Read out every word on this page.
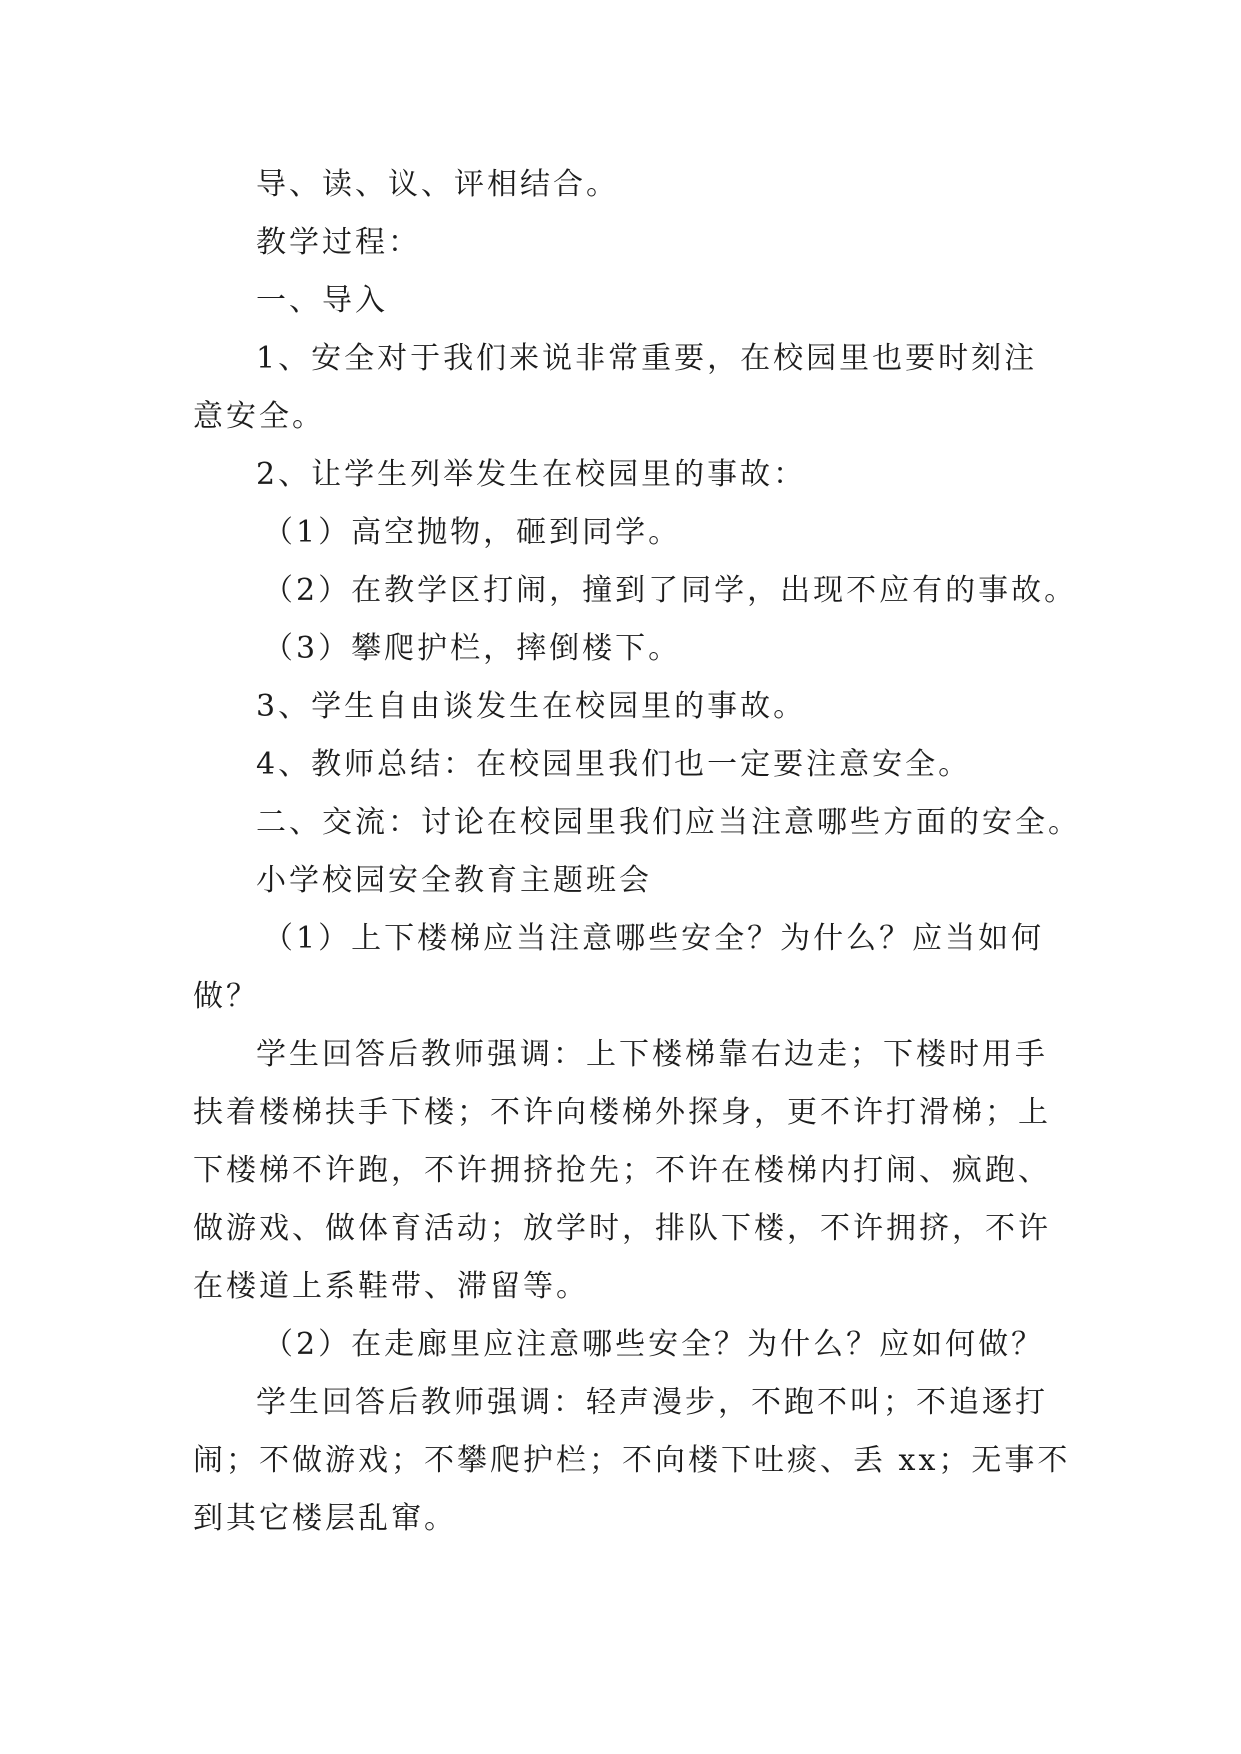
导、读、议、评相结合。
教学过程：
一、导入
1、安全对于我们来说非常重要，在校园里也要时刻注
意安全。
2、让学生列举发生在校园里的事故：
（1）高空抛物，砸到同学。
（2）在教学区打闹，撞到了同学，出现不应有的事故。
（3）攀爬护栏，摔倒楼下。
3、学生自由谈发生在校园里的事故。
4、教师总结：在校园里我们也一定要注意安全。
二、交流：讨论在校园里我们应当注意哪些方面的安全。
小学校园安全教育主题班会
（1）上下楼梯应当注意哪些安全？为什么？应当如何
做？
学生回答后教师强调：上下楼梯靠右边走；下楼时用手
扶着楼梯扶手下楼；不许向楼梯外探身，更不许打滑梯；上
下楼梯不许跑，不许拥挤抢先；不许在楼梯内打闹、疯跑、
做游戏、做体育活动；放学时，排队下楼，不许拥挤，不许
在楼道上系鞋带、滞留等。
（2）在走廊里应注意哪些安全？为什么？应如何做？
学生回答后教师强调：轻声漫步，不跑不叫；不追逐打
闹；不做游戏；不攀爬护栏；不向楼下吐痰、丢 xx；无事不
到其它楼层乱窜。
